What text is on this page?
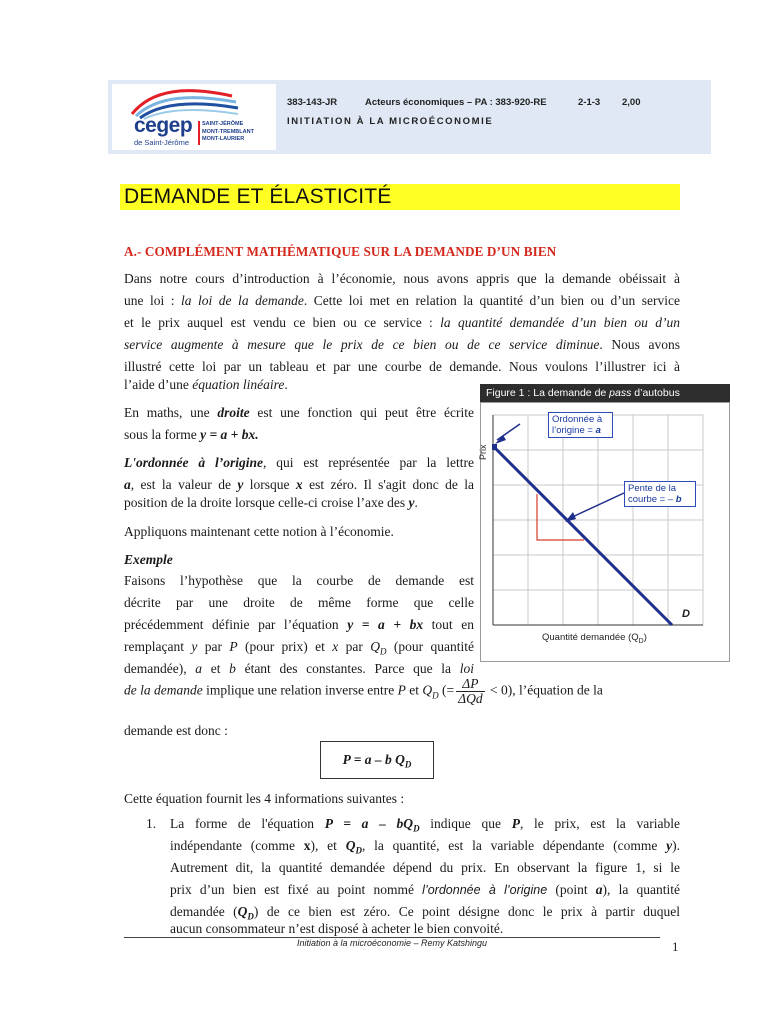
cegep
de Saint-Jérôme
SAINT-JÉRÔME
MONT-TREMBLANT
MONT-LAURIER
383-143-JR	Acteurs économiques – PA : 383-920-RE	2-1-3 2,00
INITIATION À LA MICROÉCONOMIE
DEMANDE ET ÉLASTICITÉ
A.- COMPLÉMENT MATHÉMATIQUE SUR LA DEMANDE D’UN BIEN
Dans notre cours d’introduction à l’économie, nous avons appris que la demande obéissait à
une loi : la loi de la demande. Cette loi met en relation la quantité d’un bien ou d’un service
et le prix auquel est vendu ce bien ou ce service : la quantité demandée d’un bien ou d’un
service augmente à mesure que le prix de ce bien ou de ce service diminue. Nous avons
illustré cette loi par un tableau et par une courbe de demande. Nous voulons l’illustrer ici à
l’aide d’une équation linéaire.
En maths, une droite est une fonction qui peut être écrite
sous la forme y = a + bx.
L'ordonnée à l’origine, qui est représentée par la lettre
a, est la valeur de y lorsque x est zéro. Il s'agit donc de la
position de la droite lorsque celle-ci croise l’axe des y.
Appliquons maintenant cette notion à l’économie.
Exemple
Faisons l’hypothèse que la courbe de demande est
décrite par une droite de même forme que celle
précédemment définie par l’équation y = a + bx tout en
remplaçant y par P (pour prix) et x par $Q_D$ (pour quantité
demandée), a et b étant des constantes. Parce que la loi
de la demande implique une relation inverse entre P et $Q_D$ (= $\frac{\Delta P}{\text{ΔQd}} < 0$), l’équation de la
demande est donc :
P = a – b $Q_D$
Figure 1 : La demande de pass d’autobus
Prix
Ordonnée à
l’origine = a
Pente de la
courbe = – b
D
Quantité demandée $(Q_D)$
Cette équation fournit les 4 informations suivantes :
1. La forme de l'équation $P = a - bQ_D$ indique que P, le prix, est la variable
indépendante (comme x), et $Q_D$, la quantité, est la variable dépendante (comme y).
Autrement dit, la quantité demandée dépend du prix. En observant la figure 1, si le
prix d’un bien est fixé au point nommé l’ordonnée à l’origine (point a), la quantité
demandée $(Q_D)$ de ce bien est zéro. Ce point désigne donc le prix à partir duquel
aucun consommateur n’est disposé à acheter le bien convoité.
Initiation à la microéconomie – Remy Katshingu	1
